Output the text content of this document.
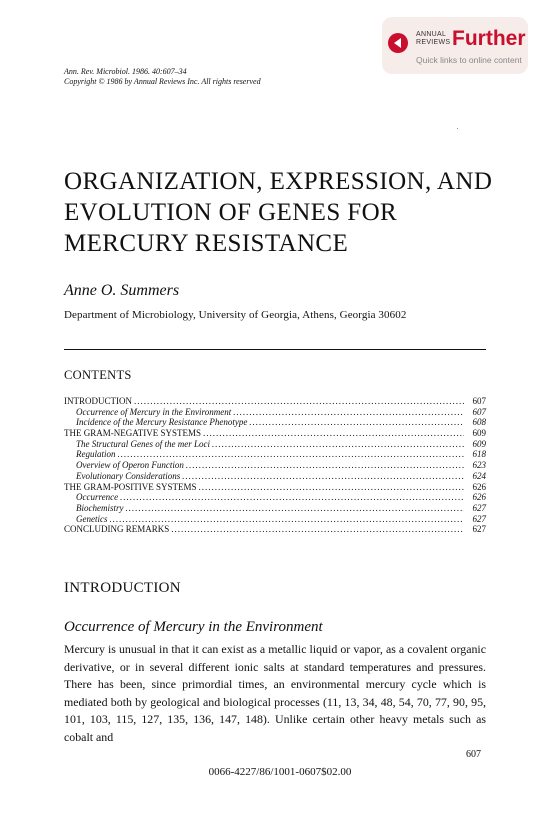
ANNUAL
REVIEWS Further
Quick links to online content
Ann. Rev. Microbiol. 1986. 40:607–34
Copyright © 1986 by Annual Reviews Inc. All rights reserved
ORGANIZATION, EXPRESSION, AND
EVOLUTION OF GENES FOR
MERCURY RESISTANCE
Anne O. Summers
Department of Microbiology, University of Georgia, Athens, Georgia 30602
CONTENTS
INTRODUCTION .....	607
Occurrence of Mercury in the Environment .....	607
Incidence of the Mercury Resistance Phenotype .....	608
THE GRAM-NEGATIVE SYSTEMS .....	609
The Structural Genes of the mer Loci .....	609
Regulation .....	618
Overview of Operon Function .....	623
Evolutionary Considerations .....	624
THE GRAM-POSITIVE SYSTEMS .....	626
Occurrence .....	626
Biochemistry .....	627
Genetics .....	627
CONCLUDING REMARKS .....	627
INTRODUCTION
Occurrence of Mercury in the Environment
Mercury is unusual in that it can exist as a metallic liquid or vapor, as a covalent organic derivative, or in several different ionic salts at standard temperatures and pressures. There has been, since primordial times, an environmental mercury cycle which is mediated both by geological and biological processes (11, 13, 34, 48, 54, 70, 77, 90, 95, 101, 103, 115, 127, 135, 136, 147, 148). Unlike certain other heavy metals such as cobalt and
607
0066-4227/86/1001-0607$02.00
